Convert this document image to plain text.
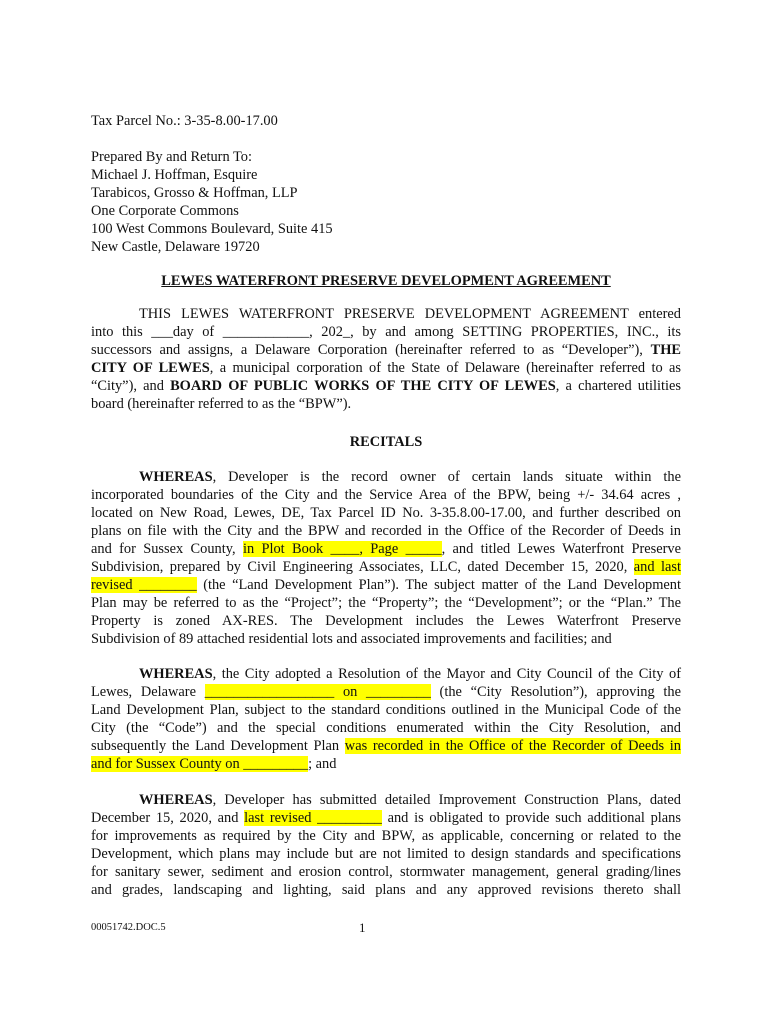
Tax Parcel No.: 3-35-8.00-17.00
Prepared By and Return To:
Michael J. Hoffman, Esquire
Tarabicos, Grosso & Hoffman, LLP
One Corporate Commons
100 West Commons Boulevard, Suite 415
New Castle, Delaware 19720
LEWES WATERFRONT PRESERVE DEVELOPMENT AGREEMENT
THIS LEWES WATERFRONT PRESERVE DEVELOPMENT AGREEMENT entered
into this ___day of ____________, 202_, by and among SETTING PROPERTIES, INC., its
successors and assigns, a Delaware Corporation (hereinafter referred to as “Developer”), THE
CITY OF LEWES, a municipal corporation of the State of Delaware (hereinafter referred to as
“City”), and BOARD OF PUBLIC WORKS OF THE CITY OF LEWES, a chartered utilities
board (hereinafter referred to as the “BPW”).
RECITALS
WHEREAS, Developer is the record owner of certain lands situate within the
incorporated boundaries of the City and the Service Area of the BPW, being +/- 34.64 acres ,
located on New Road, Lewes, DE, Tax Parcel ID No. 3-35.8.00-17.00, and further described on
plans on file with the City and the BPW and recorded in the Office of the Recorder of Deeds in
and for Sussex County, in Plot Book ____, Page _____, and titled Lewes Waterfront Preserve
Subdivision, prepared by Civil Engineering Associates, LLC, dated December 15, 2020, and last
revised ________ (the “Land Development Plan”). The subject matter of the Land Development
Plan may be referred to as the “Project”; the “Property”; the “Development”; or the “Plan.” The
Property is zoned AX-RES. The Development includes the Lewes Waterfront Preserve
Subdivision of 89 attached residential lots and associated improvements and facilities; and
WHEREAS, the City adopted a Resolution of the Mayor and City Council of the City of
Lewes, Delaware __________________ on _________ (the “City Resolution”), approving the
Land Development Plan, subject to the standard conditions outlined in the Municipal Code of the
City (the “Code”) and the special conditions enumerated within the City Resolution, and
subsequently the Land Development Plan was recorded in the Office of the Recorder of Deeds in
and for Sussex County on _________; and
WHEREAS, Developer has submitted detailed Improvement Construction Plans, dated
December 15, 2020, and last revised _________ and is obligated to provide such additional plans
for improvements as required by the City and BPW, as applicable, concerning or related to the
Development, which plans may include but are not limited to design standards and specifications
for sanitary sewer, sediment and erosion control, stormwater management, general grading/lines
and grades, landscaping and lighting, said plans and any approved revisions thereto shall
00051742.DOC.5	1
